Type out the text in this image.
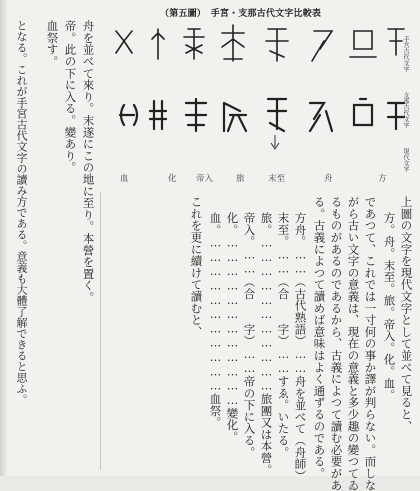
（第五圖）　手宮・支那古代文字比較表
手宮古代文字
支那古代文字
現代文字
方
舟
末至
旅
帝入
化
血
上圖の文字を現代文字として並べて見ると、
方。舟。末至。旅。帝入。化。血。
であつて、これでは一寸何の事か譯が判らない。而しな
がら古い文字の意義は、現在の意義と多少趣の變つてゐ
るものがあるのであるから、古義によつて讀む必要があ
る。古義によつて讀めば意味はよく通ずるのである。
方舟。……（古代熟語）……舟を並べて（舟師）
末至。……（合　　字）……すゑ。いたる。
旅。……………………………旅團又は本營。
帝入。……（合　　字）……帝の下に入る。
化。………………………………變化。
血。……………………………血祭。
これを更に續けて讀むと、
舟を並べて來り。末遂にこの地に至り。本營を置く。
帝。此の下に入る。變あり。
血祭す。
となる。これが手宮古代文字の讀み方である。意義も大體了解できると思ふ。
